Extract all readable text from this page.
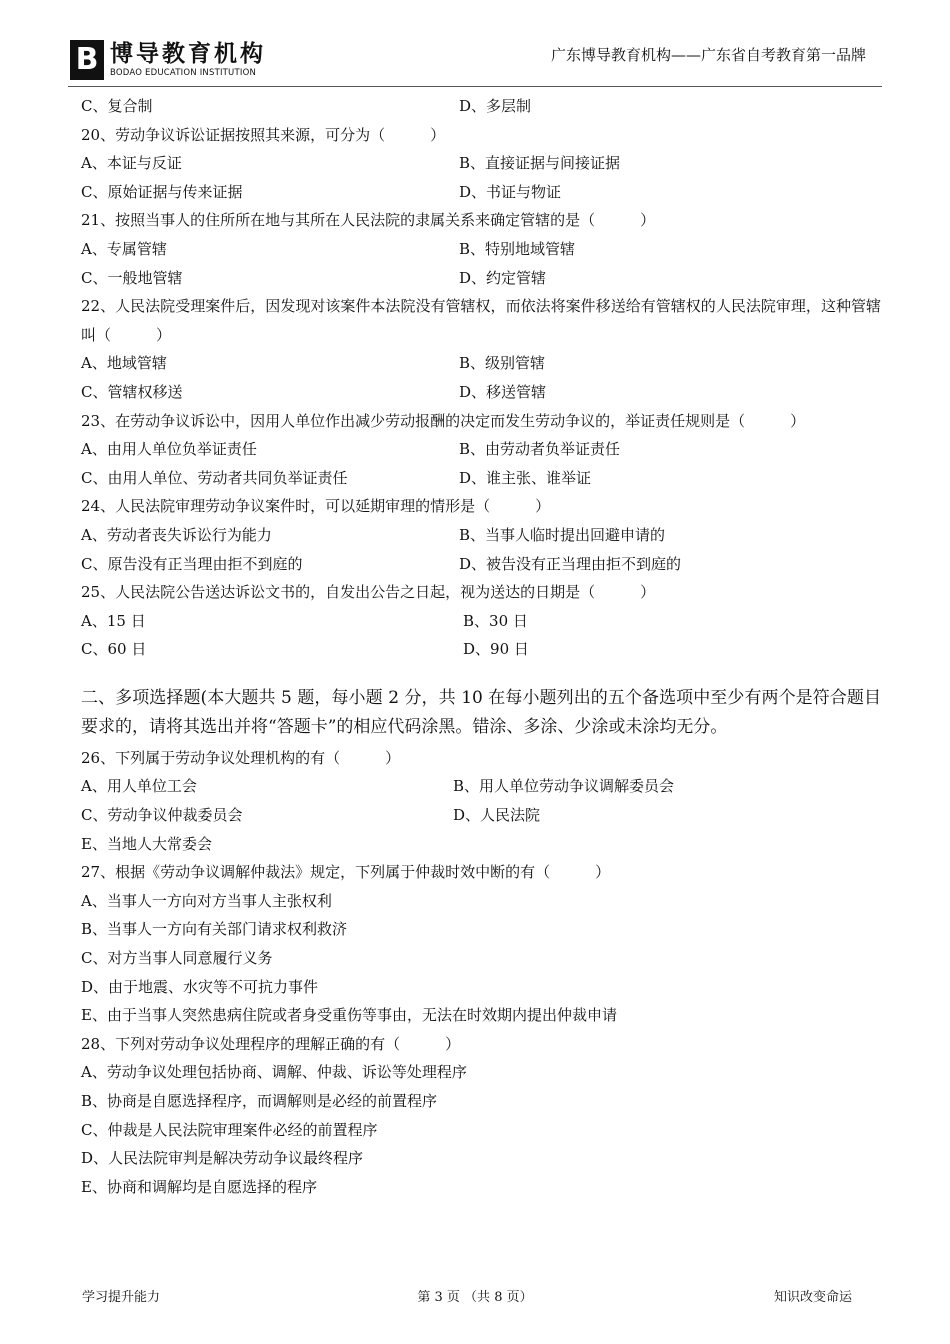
B 博导教育机构
BODAO EDUCATION INSTITUTION
广东博导教育机构——广东省自考教育第一品牌
C、复合制	D、多层制
20、劳动争议诉讼证据按照其来源，可分为（　　　）
A、本证与反证	B、直接证据与间接证据
C、原始证据与传来证据	D、书证与物证
21、按照当事人的住所所在地与其所在人民法院的隶属关系来确定管辖的是（　　　）
A、专属管辖	B、特别地域管辖
C、一般地管辖	D、约定管辖
22、人民法院受理案件后，因发现对该案件本法院没有管辖权，而依法将案件移送给有管辖权的人民法院审理，这种管辖叫（　　　）
A、地域管辖	B、级别管辖
C、管辖权移送	D、移送管辖
23、在劳动争议诉讼中，因用人单位作出减少劳动报酬的决定而发生劳动争议的，举证责任规则是（　　　）
A、由用人单位负举证责任	B、由劳动者负举证责任
C、由用人单位、劳动者共同负举证责任	D、谁主张、谁举证
24、人民法院审理劳动争议案件时，可以延期审理的情形是（　　　）
A、劳动者丧失诉讼行为能力	B、当事人临时提出回避申请的
C、原告没有正当理由拒不到庭的	D、被告没有正当理由拒不到庭的
25、人民法院公告送达诉讼文书的，自发出公告之日起，视为送达的日期是（　　　）
A、15 日	B、30 日
C、60 日	D、90 日
二、多项选择题(本大题共 5 题，每小题 2 分，共 10 在每小题列出的五个备选项中至少有两个是符合题目要求的，请将其选出并将“答题卡”的相应代码涂黑。错涂、多涂、少涂或未涂均无分。
26、下列属于劳动争议处理机构的有（　　　）
A、用人单位工会	B、用人单位劳动争议调解委员会
C、劳动争议仲裁委员会	D、人民法院
E、当地人大常委会
27、根据《劳动争议调解仲裁法》规定，下列属于仲裁时效中断的有（　　　）
A、当事人一方向对方当事人主张权利
B、当事人一方向有关部门请求权利救济
C、对方当事人同意履行义务
D、由于地震、水灾等不可抗力事件
E、由于当事人突然患病住院或者身受重伤等事由，无法在时效期内提出仲裁申请
28、下列对劳动争议处理程序的理解正确的有（　　　）
A、劳动争议处理包括协商、调解、仲裁、诉讼等处理程序
B、协商是自愿选择程序，而调解则是必经的前置程序
C、仲裁是人民法院审理案件必经的前置程序
D、人民法院审判是解决劳动争议最终程序
E、协商和调解均是自愿选择的程序
学习提升能力	第 3 页 （共 8 页）	知识改变命运
